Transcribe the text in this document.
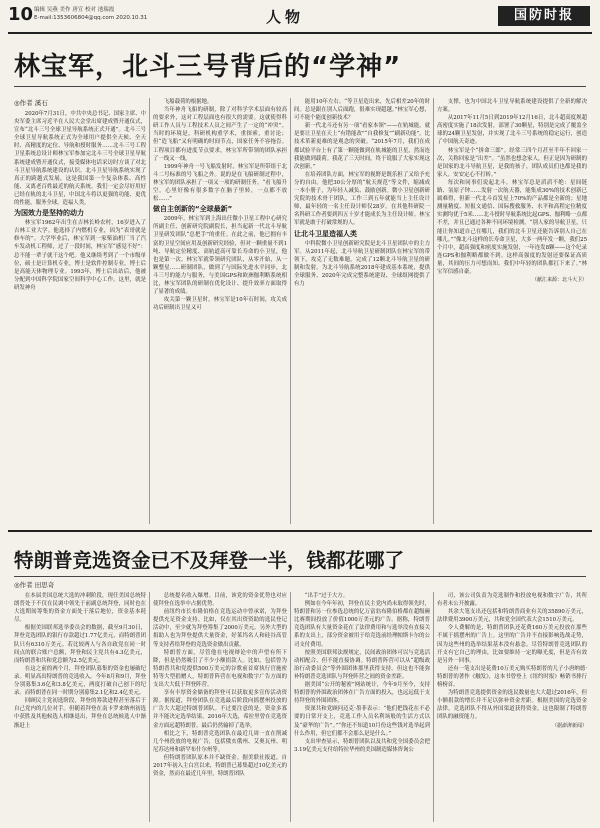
10 编辑 吴燕 美作 唐宣 校对 池瑞霞
E-mail:1353606804@qq.com 2020.10.31	人物	国防时报
林宝军，北斗三号背后的“学神”
◎作者 溪石

2020年7月31日，中共中央总书记、国家主席、中央军委主席习近平在人民大会堂出席建成暨开通仪式，宣布“北斗三号全球卫星导航系统正式开通”。北斗三号全球卫星导航系统正式为全球用户提供全天候、全天时、高精度的定位、导航和授时服务……北斗三号工程卫星系统总设计师林宝军参加完北斗三号全球卫星导航系统建成暨开通仪式，接受媒体电话采访时方谈了对北斗卫星导航系统建设的认识。北斗卫星导航系统实现了真正的跨越式发展，这是我国第一个复杂体系、高性能、又离老百姓最近的航天系统。我们一定会尽好用好已经在轨的北斗卫星，中国北斗将以更强的功能、更优的性能，服务全球，造福人类。

为国效力是坚持的动力

林宝军1962年出生在吉林长岭农村，16岁进入了吉林工业大学。他选择了内燃机专业，因为“表哥就是修车的”。大学毕业后，林宝军到一家柴油机厂当了汽车发动机工程师，过了一段时间，林宝军“感觉不好”：总不能一辈子就干这个吧。他又继续考到了一个市级单位，硕士是计算机专业，博士是软件控制专业，博士后是高能天体物理专业。1993年，博士后出站后，他被分配到中国科学院国家空间科学中心工作。这里，就是研发神舟

飞船载荷的根据地。

当年神舟飞船的研制，除了对科学学术层面有较高的要求外，这对工程层面也有很大的需要。这就使得科研工作人员与工程技术人员之间产生了一定的“冲突”。当时的环境是，科研机构重学术，重探索，重讨论；但“造飞船”又有明确的时间节点，国家任务不容拖沓。工程项目都有进度节点要求，林宝军所带领的团队承担了一线又一线。

1999年神舟一号飞船发射时，林宝军是所带组于北斗二号标准的号飞船之外。说的是在飞船研制过程中，林宝军的团队承担了一项又一项的研制任务。“看飞船升空，心里好像有很多数字在脑子里转，一点都不放松……”

做自主创新的“全球最新”

2009年，林宝军到上海出任微小卫星工程中心研究所副主任、创新研究院副院长，担当起新一代北斗导航卫星研发团队“总把手”的重任。在此之前，他已拥有丰富的卫星空间应用及创新研究经验，但对一颗重量不到1吨、导航定位精度、高轨道高可靠长寿命的小卫星，他也是第一次。林宝军就带领研究团队，从零开始，从一颗整星……研制团队，做到了与国际先进水平同步，北斗三号的能力与服务，与美国GPS和欧洲伽利略系统相比，林宝军团队的研制在优化设计、提升效率方面取得了显著的成绩。

攻关第一颗卫星时，林宝军是10年石时间，攻关成功后研制出卫星又可

能用10年左右。“等卫星造出来，先后相差20年的时间。总是跟在别人后面跑，很难实现超越。”林宝军心想，可不能个能度创新技术？

新一代北斗还有另一项“看家本领”——在轨城能。就是要让卫星在天上“有错能改”“自我修复”“刷新功能”。比技术革新更难的是观念的突破。“2015年7月，我们在成都试验平台上有了第一颗能做到在轨城能的卫星，然而连我能做到载荷。我花了三天时间，终于说服了大家实现这次创新。”

在培养团队方面，林宝军的视野是既乐担了又给予充分的自由。他把30公分厚的“航天规范”等文件，缩减成一本小册子，为年轻人减负、鼓励创新。微小卫星创新研究院的技术骨干团队，工作三到五年就能当上主任设计师，最年轻的一名主任设计师仅28岁。在其他科研院一名科研工作者要到四五十岁才能成长为主任设计师。林宝军就是敢于打破常规的人。

让北斗卫星造福人类

中科院微小卫星创新研究院是北斗卫星团队中的主力军。从2011年起，北斗导航卫星研制团队在林宝军的带领下，攻克了无数难题，完成了12颗北斗导航卫星的研制和发射。为北斗导航系统2018年建成基本系统，提供全球服务、2020年完成完整系统建设、全球组网提供了有力

支撑，也为中国北斗卫星导航系统建设提供了全新的解决方案。

从2017年11月5日到2019年12月16日，北斗超高度规超高密度实施了18次发射，部署了30颗星，特别是完成了覆盖全球的24颗卫星发射，并实现了北斗三号系统的稳定运行，创造了中国航天奇迹。

林宝军是个“拼命三郎”。经常三四个月甚至半年不回家一次，关称回家是“出差”。“虽然也想念家人，但正是因为研制的是国家的北斗导航卫星，是我的孩子，团队成员们也都是我的家人。安安定心不打转。”

每次和同事们说起北斗，林宝军总是滔滔不绝：星间链路、氢原子钟……发射一次航天器，能集成30%的技术创新已属难得，但新一代北斗首发星上70%的产品都是全新的；星地测量精度、短报文通信、国际搜救服务、水平和高程定位精度实测均优于5米……北斗授时导航系统比起GPS、伽利略一点都不差，并且已通过各种不同环境检测。“别人家的导航卫星，只能让你知道自己在哪儿，我们的北斗卫星还能告诉别人自己在哪儿。”“像北斗这样的长寿命卫星，大多一两年发一颗，我们25个月中，超高强度和密度实施发射，一年连发8颗——这个纪录连GPS和伽利略都做不到。这样高强度的发射还要保证高质量，其间的压力可想而知，我们中年轻的团队都扛下来了。”林宝军信感自豪。

（献汇来源：北斗大卫）

特朗普竞选资金已不及拜登一半，钱都花哪了
◎作者 田思奇

在本届美国总统大选的冲刺阶段，现任美国总统特朗普处于不仅在民调中领先于前副总统拜登，同时也在大选期间筹集的资金方面处于落后地位，资金基本耗尽。

根据美国联邦选举委员会的数据，截至9月30日，拜登竞选团队的银行存款超过1.77亿美元，而特朗普团队只有6310万美元。若比较两人与各自政党在同一时间点的联合账户总额，拜登和民主党共有4.3亿美元，而特朗普和共和党总额为2.5亿美元。

在这之前的两个月，拜登团队募集的资金也屡破纪录。明显高出特朗普的竞选收入。今年8月和9月，拜登分别募集3.6亿和3.8亿美元，两度打破自己创下的纪录。而特朗普在同一时期分别募集2.1亿和2.4亿美元。

回顾民主党初选阶段，拜登的筹款进程甚至落后于自己党内的几位对手。但随着拜登在南卡罗来纳州初选中获胜及其他候选人相继退出，拜登在总统候选人中渐渐赶上

总统提名收入爆增。目前，该党的资金优势也对应使拜登在选举中占据优势。

前纽约市长布隆伯格在竞选运动中曾承诺，为拜登提供充足资金支持。比如，仅在其出资资助的选民登记活动中，至少就为拜登筹集了2000万美元。另外大型的捐助人也为拜登提供大量资金，好莱坞名人和硅谷高管等支持者给拜登的竞选资金做出贡献。

特朗普方面，尽管他在电视辩论中的声望有所下降，但是仍然吸引了不少小额捐款人。比如，包括曾为特朗普共和党提供500万美元的谷歌前首席执行官施密特等大型捐赠人，特朗普阵营在电视和数字广告方面的支出大大低于拜登阵营。

享有丰厚资金储备的拜登可以获取更多宣传活动资源。据报道，拜登团队在竞选最后阶段向摇摆州投放的广告大大超过特朗普团队。不过要注意的是，资金多寡并不能决定选举结果。2016年大选，希拉里曾在竞选资金方面远超特朗普，最后仍然输掉了选举。

相比之下，特朗普竞选团队在最近几周一直在削减几个州投放的电视广告，包括俄亥俄州、艾奥瓦州、明尼苏达州和新罕布什尔州等。

但特朗普团队原本并不缺资金。据美联社报道，自2017年初入主白宫以来，特朗普已募集超过10亿美元的资金，然而在最近几年里，特朗普团队

“出手”过于大方。

例如在今年年初，拜登在民主党内尚未取得领先时，特朗普和另一位参选总统的亿万富翁布隆伯格都在超级碗比赛期间投放了价值1000万美元的广告。据称，特朗普竞选团队有大量资金花在了法律费用和与选举没有直接关系的支出上，部分资金被用于给竞选前经理帕斯卡尔的公司支付费用。

按照美国联邦法规规定，民间政治团体可以与竞选活动相配合，但不能直接协调。特朗普阵营可以从“超级政治行动委员会”等外围团体那里获得支持。但这也不能弥补特朗普竞选团队与拜登阵营之间的资金差距。

据美国“公开的秘密”网站统计，今年9月至今，支持特朗普的外围政治团体在广告方面的投入，也远远低于支持拜登的外围团体。

资深共和党顾问迈克·墨菲表示：“他们把钱花在不必要的日常开支上，竞选工作人员名利场般的生活方式以及“豪华的广告”。”“你还不知道10月份这些钱对选举起到什么作用，但它们都不会那么是是什么。”

支出审查显示，特朗普团队以及共和党全国委员会把3.19亿美元支付给特拉华州的美国制造媒体咨询公

司，该公司负责为竞选制作和投放电视和数字广告，其所有者未公开披露。

其余大笔支出还包括和特朗普商业有关的35890万美元，法律费用3900万美元，共和党全国代表大会1510万美元。

令人费解的是，特朗普团队还花费160万美元投放在那些不属于摇摆州的广告上。这里的广告并不直接影响选战走势，因为这些州的选举结果基本没有悬念。尽管特朗普竞选团队的开支有它自己的理由，比如要维持一定的曝光度，但是否有效是另外一回事。

还有一笔支出是花费10万美元购买特朗普的儿子小唐纳德·特朗普的著作《触发》，这本书曾登上《纽约时报》畅销书排行榜榜首。

为特朗普竞选提供资金的选民数量也大大超过2016年，但小额捐款的增长并不足以弥补资金差距。根据美国的竞选资金法律，竞选团队不得从外国渠道获得资金，这也限制了特朗普团队的融资能力。

（据澎湃新闻）
